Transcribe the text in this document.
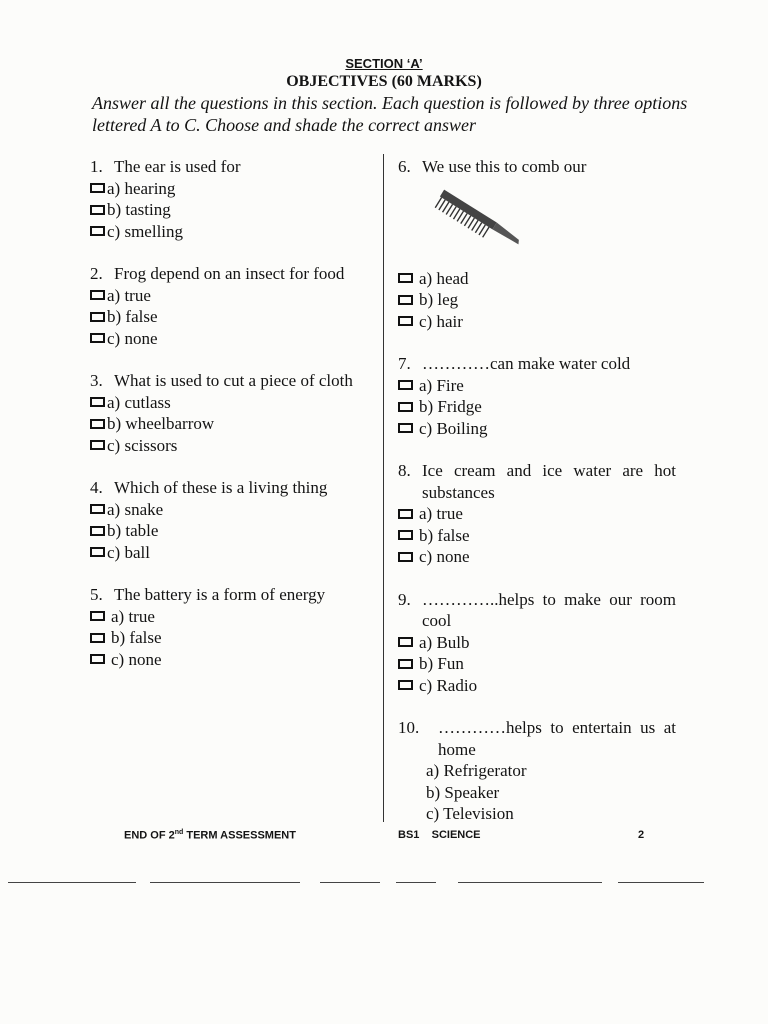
SECTION ‘A’
OBJECTIVES (60 MARKS)
Answer all the questions in this section. Each question is followed by three options lettered A to C. Choose and shade the correct answer
1. The ear is used for
a) hearing
b) tasting
c) smelling
2. Frog depend on an insect for food
a) true
b) false
c) none
3. What is used to cut a piece of cloth
a) cutlass
b) wheelbarrow
c) scissors
4. Which of these is a living thing
a) snake
b) table
c) ball
5. The battery is a form of energy
a) true
b) false
c) none
6. We use this to comb our
a) head
b) leg
c) hair
7. …………can make water cold
a) Fire
b) Fridge
c) Boiling
8. Ice cream and ice water are hot substances
a) true
b) false
c) none
9. …………..helps to make our room cool
a) Bulb
b) Fun
c) Radio
10.	…………helps to entertain us at home
a) Refrigerator
b) Speaker
c) Television
END OF 2nd TERM ASSESSMENT	BS1    SCIENCE	2
